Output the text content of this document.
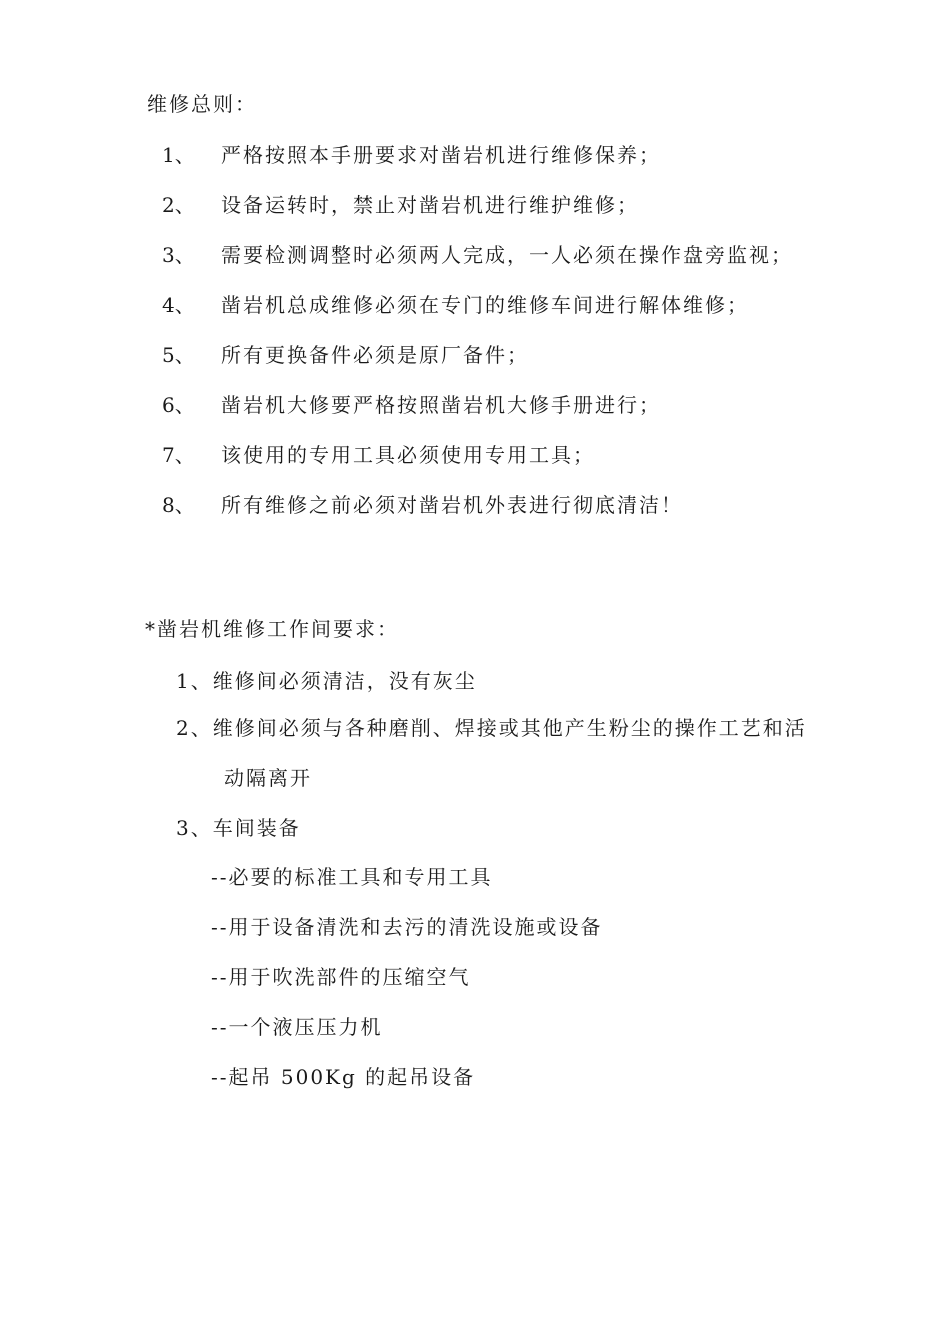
维修总则：
1、 严格按照本手册要求对凿岩机进行维修保养；
2、 设备运转时，禁止对凿岩机进行维护维修；
3、 需要检测调整时必须两人完成，一人必须在操作盘旁监视；
4、 凿岩机总成维修必须在专门的维修车间进行解体维修；
5、 所有更换备件必须是原厂备件；
6、 凿岩机大修要严格按照凿岩机大修手册进行；
7、 该使用的专用工具必须使用专用工具；
8、 所有维修之前必须对凿岩机外表进行彻底清洁！
*凿岩机维修工作间要求：
1、维修间必须清洁，没有灰尘
2、维修间必须与各种磨削、焊接或其他产生粉尘的操作工艺和活
动隔离开
3、车间装备
--必要的标准工具和专用工具
--用于设备清洗和去污的清洗设施或设备
--用于吹洗部件的压缩空气
--一个液压压力机
--起吊 500Kg 的起吊设备
